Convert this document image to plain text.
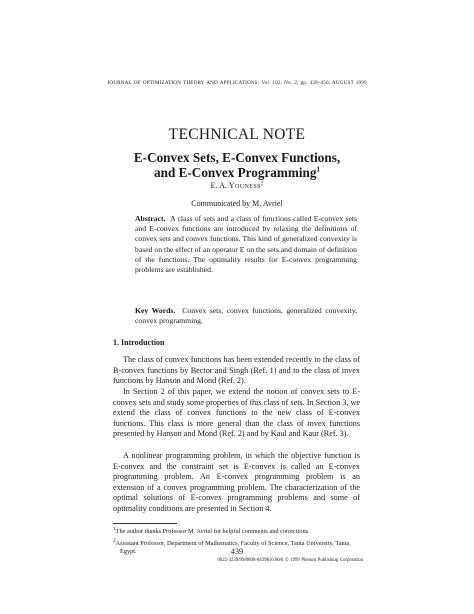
JOURNAL OF OPTIMIZATION THEORY AND APPLICATIONS: Vol. 102, No. 2, pp. 439–450, AUGUST 1999
TECHNICAL NOTE
E-Convex Sets, E-Convex Functions,
and E-Convex Programming$^1$
E. A. Youness$^2$
Communicated by M. Avriel
Abstract. A class of sets and a class of functions called E-convex sets and E-convex functions are introduced by relaxing the definitions of convex sets and convex functions. This kind of generalized convexity is based on the effect of an operator E on the sets and domain of definition of the functions. The optimality results for E-convex programming problems are established.
Key Words. Convex sets, convex functions, generalized convexity, convex programming.
1. Introduction
The class of convex functions has been extended recently to the class of B-convex functions by Bector and Singh (Ref. 1) and to the class of invex functions by Hanson and Mond (Ref. 2).
In Section 2 of this paper, we extend the notion of convex sets to E-convex sets and study some properties of this class of sets. In Section 3, we extend the class of convex functions to the new class of E-convex functions. This class is more general than the class of invex functions presented by Hanson and Mond (Ref. 2) and by Kaul and Kaur (Ref. 3).
A nonlinear programming problem, in which the objective function is E-convex and the constraint set is E-convex is called an E-convex programming problem. An E-convex programming problem is an extension of a convex programming problem. The characterization of the optimal solutions of E-convex programming problems and some of optimality conditions are presented in Section 4.
$^1$The author thanks Professor M. Avriel for helpful comments and corrections.
$^2$Assistant Professor, Department of Mathematics, Faculty of Science, Tanta University, Tanta, Egypt.	439
0022-3239/99/0800-0439$16.00/0 © 1999 Plenum Publishing Corporation
